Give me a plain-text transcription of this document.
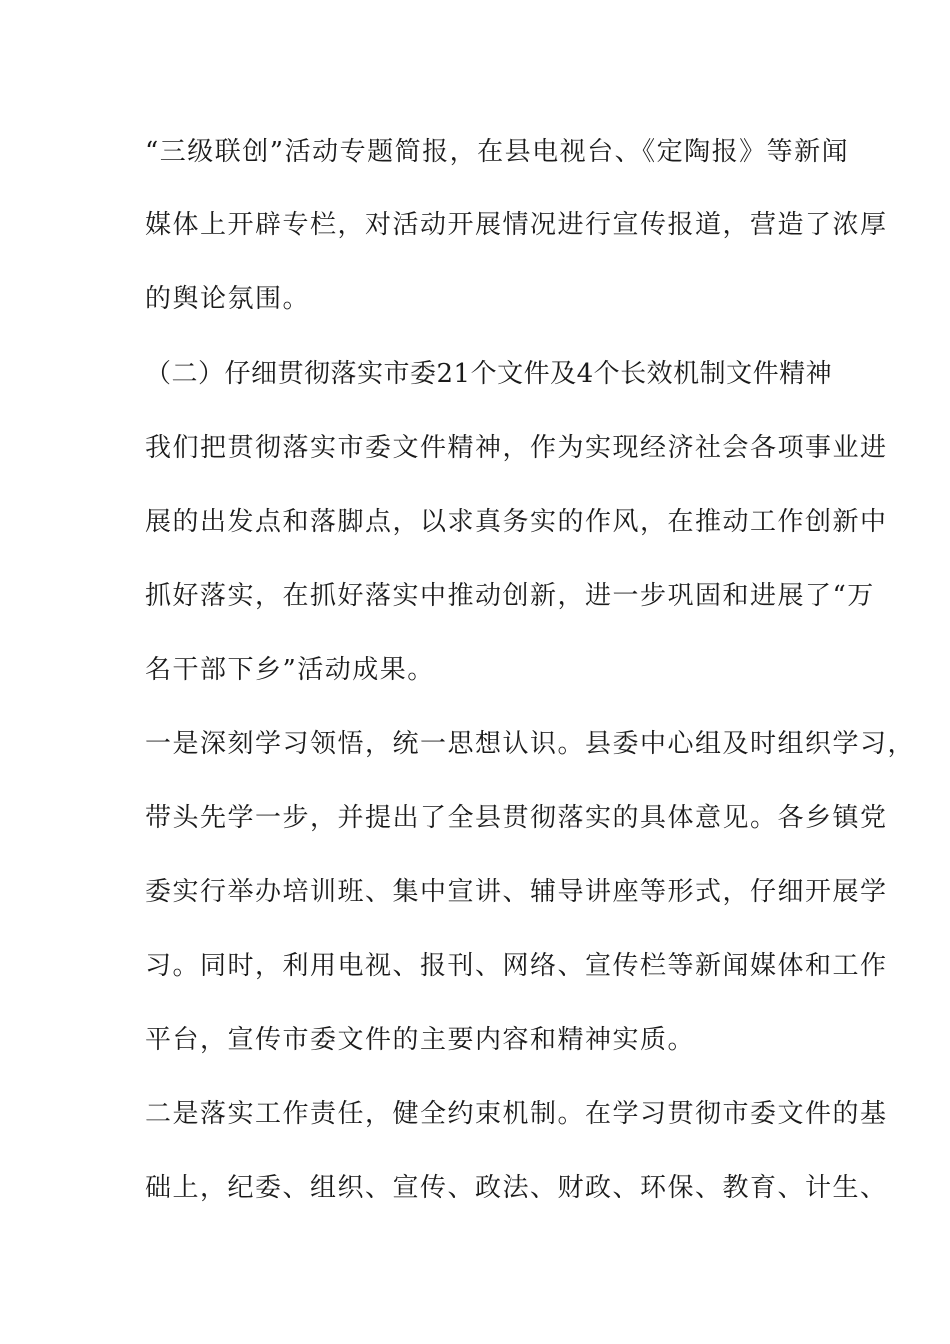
“三级联创”活动专题简报，在县电视台、《定陶报》等新闻
媒体上开辟专栏，对活动开展情况进行宣传报道，营造了浓厚
的舆论氛围。
（二）仔细贯彻落实市委21个文件及4个长效机制文件精神
我们把贯彻落实市委文件精神，作为实现经济社会各项事业进
展的出发点和落脚点，以求真务实的作风，在推动工作创新中
抓好落实，在抓好落实中推动创新，进一步巩固和进展了“万
名干部下乡”活动成果。
一是深刻学习领悟，统一思想认识。县委中心组及时组织学习，
带头先学一步，并提出了全县贯彻落实的具体意见。各乡镇党
委实行举办培训班、集中宣讲、辅导讲座等形式，仔细开展学
习。同时，利用电视、报刊、网络、宣传栏等新闻媒体和工作
平台，宣传市委文件的主要内容和精神实质。
二是落实工作责任，健全约束机制。在学习贯彻市委文件的基
础上，纪委、组织、宣传、政法、财政、环保、教育、计生、
